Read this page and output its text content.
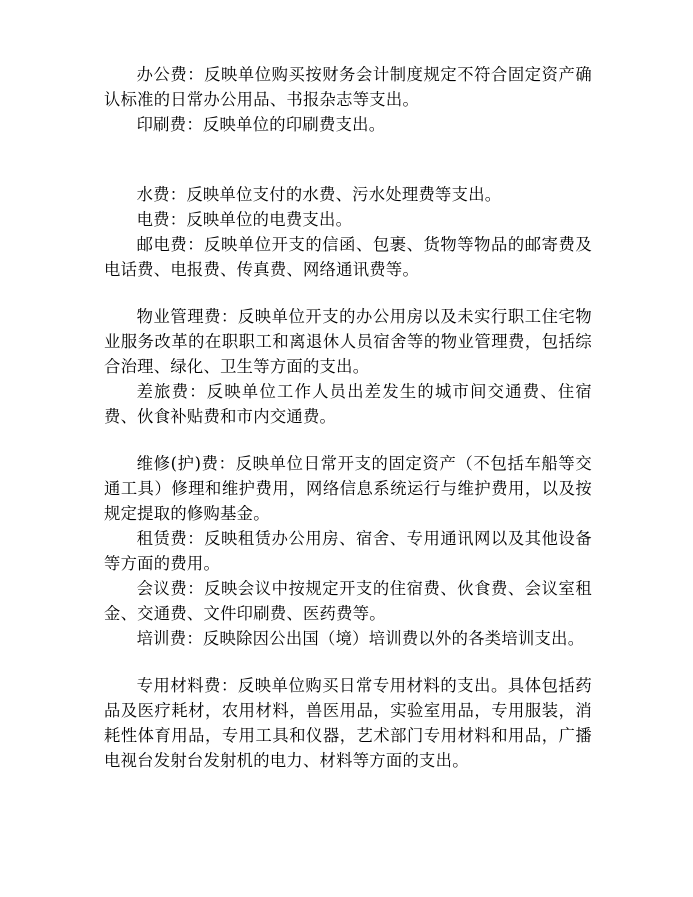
办公费：反映单位购买按财务会计制度规定不符合固定资产确认标准的日常办公用品、书报杂志等支出。

印刷费：反映单位的印刷费支出。

水费：反映单位支付的水费、污水处理费等支出。

电费：反映单位的电费支出。

邮电费：反映单位开支的信函、包裹、货物等物品的邮寄费及电话费、电报费、传真费、网络通讯费等。

物业管理费：反映单位开支的办公用房以及未实行职工住宅物业服务改革的在职职工和离退休人员宿舍等的物业管理费，包括综合治理、绿化、卫生等方面的支出。

差旅费：反映单位工作人员出差发生的城市间交通费、住宿费、伙食补贴费和市内交通费。

维修(护)费：反映单位日常开支的固定资产（不包括车船等交通工具）修理和维护费用，网络信息系统运行与维护费用，以及按规定提取的修购基金。

租赁费：反映租赁办公用房、宿舍、专用通讯网以及其他设备等方面的费用。

会议费：反映会议中按规定开支的住宿费、伙食费、会议室租金、交通费、文件印刷费、医药费等。

培训费：反映除因公出国（境）培训费以外的各类培训支出。

专用材料费：反映单位购买日常专用材料的支出。具体包括药品及医疗耗材，农用材料，兽医用品，实验室用品，专用服装，消耗性体育用品，专用工具和仪器，艺术部门专用材料和用品，广播电视台发射台发射机的电力、材料等方面的支出。
